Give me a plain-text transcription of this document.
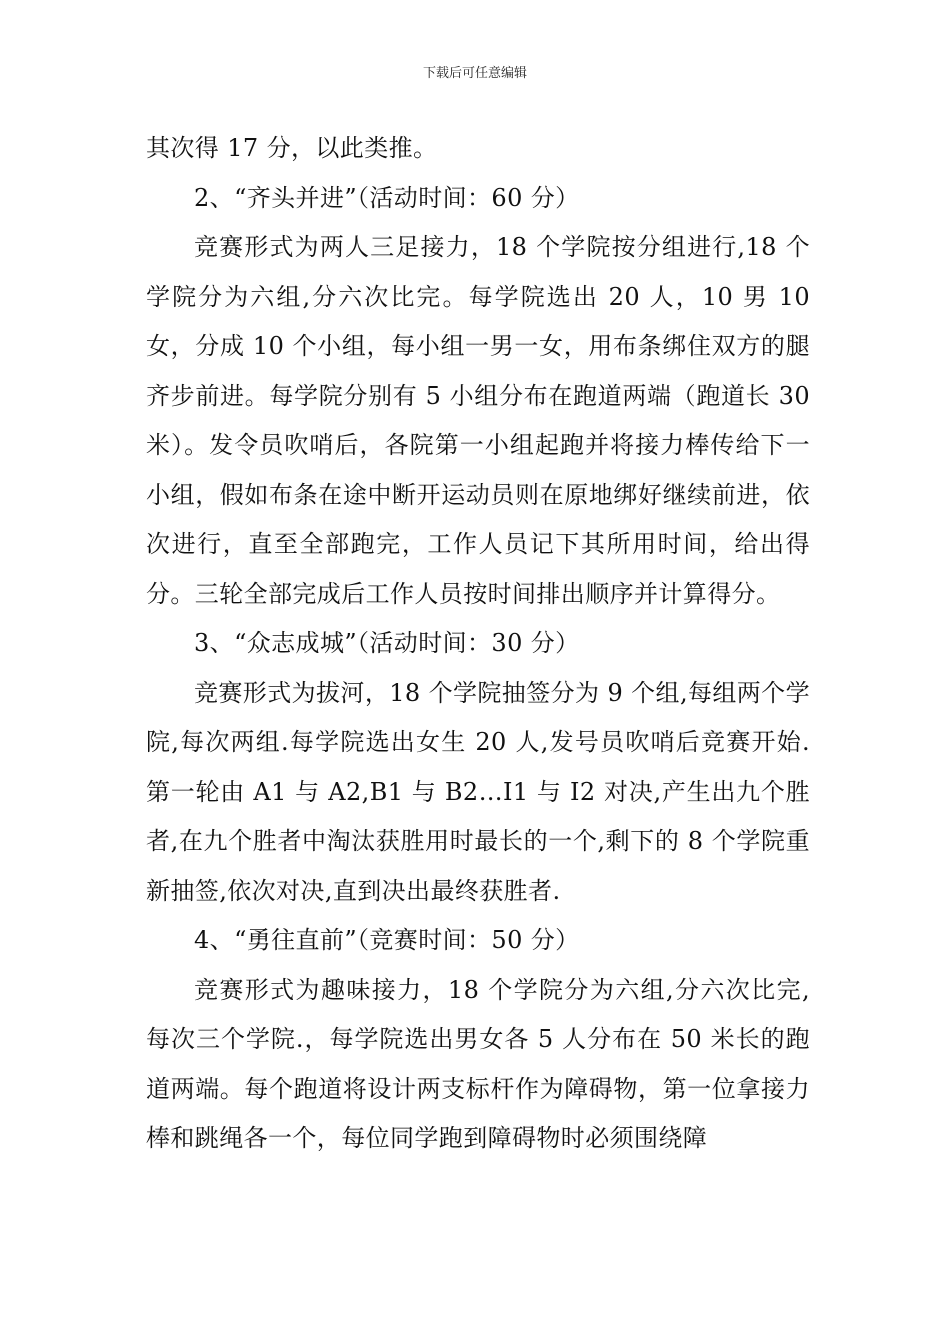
下载后可任意编辑

其次得 17 分，以此类推。

2、“齐头并进”（活动时间：60 分）

竞赛形式为两人三足接力，18 个学院按分组进行,18 个学院分为六组,分六次比完。每学院选出 20 人，10 男 10 女，分成 10 个小组，每小组一男一女，用布条绑住双方的腿齐步前进。每学院分别有 5 小组分布在跑道两端（跑道长 30 米）。发令员吹哨后，各院第一小组起跑并将接力棒传给下一小组，假如布条在途中断开运动员则在原地绑好继续前进，依次进行，直至全部跑完，工作人员记下其所用时间，给出得分。三轮全部完成后工作人员按时间排出顺序并计算得分。

3、“众志成城”（活动时间：30 分）

竞赛形式为拔河，18 个学院抽签分为 9 个组,每组两个学院,每次两组.每学院选出女生 20 人,发号员吹哨后竞赛开始.第一轮由 A1 与 A2,B1 与 B2…I1 与 I2 对决,产生出九个胜者,在九个胜者中淘汰获胜用时最长的一个,剩下的 8 个学院重新抽签,依次对决,直到决出最终获胜者.

4、“勇往直前”（竞赛时间：50 分）

竞赛形式为趣味接力，18 个学院分为六组,分六次比完,每次三个学院.，每学院选出男女各 5 人分布在 50 米长的跑道两端。每个跑道将设计两支标杆作为障碍物，第一位拿接力棒和跳绳各一个，每位同学跑到障碍物时必须围绕障
